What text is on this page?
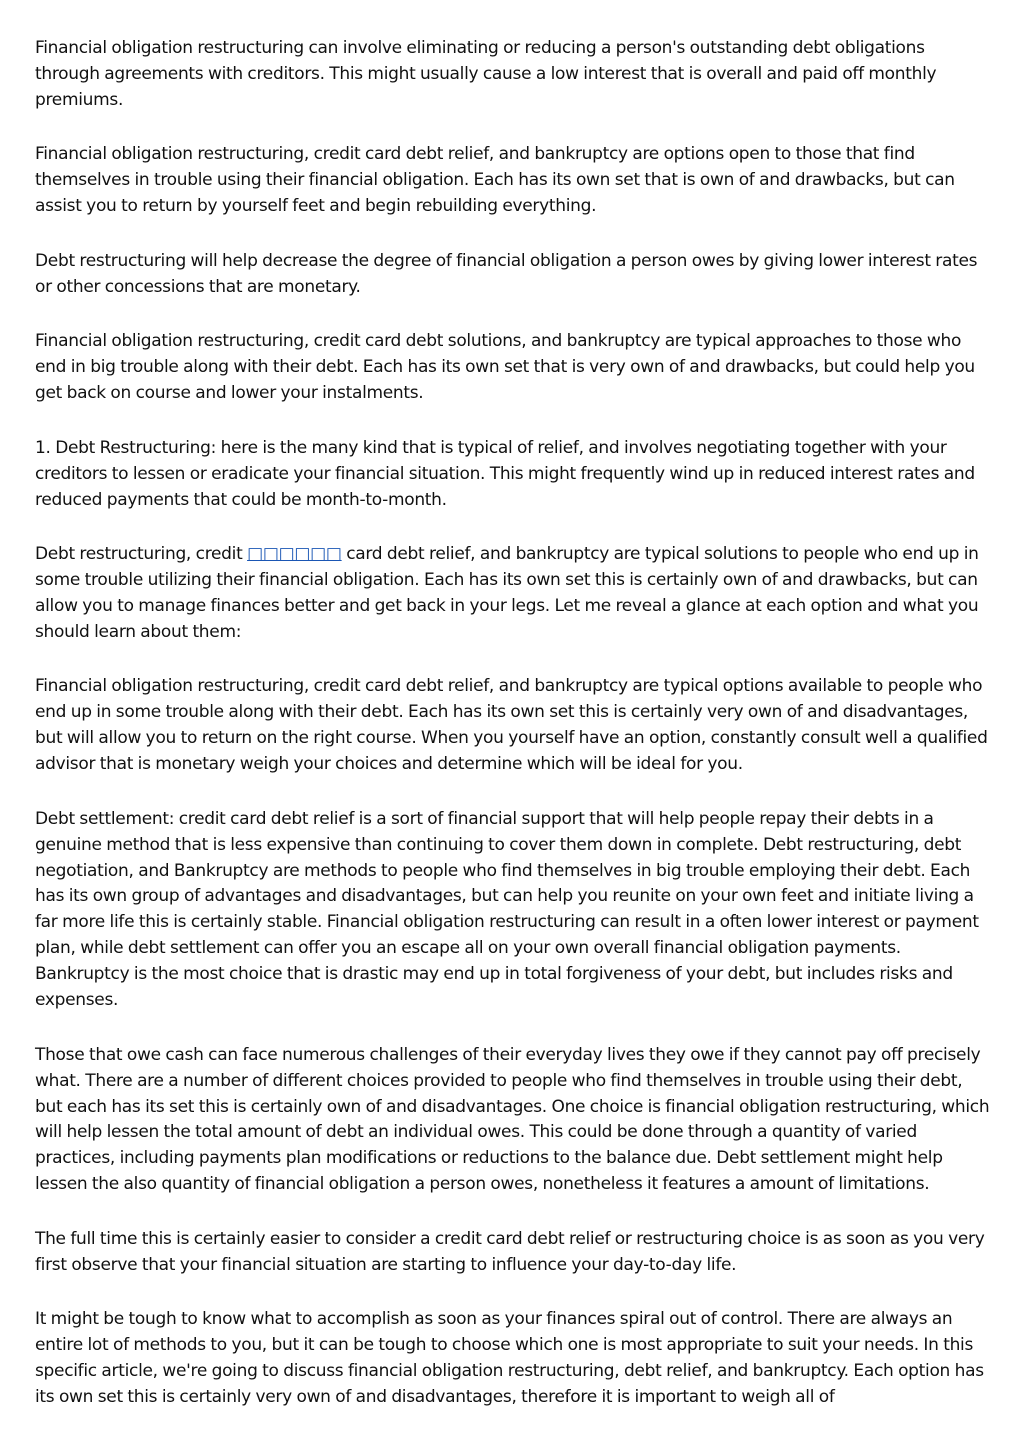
Financial obligation restructuring can involve eliminating or reducing a person's outstanding debt obligations through agreements with creditors. This might usually cause a low interest that is overall and paid off monthly premiums.

Financial obligation restructuring, credit card debt relief, and bankruptcy are options open to those that find themselves in trouble using their financial obligation. Each has its own set that is own of and drawbacks, but can assist you to return by yourself feet and begin rebuilding everything.

Debt restructuring will help decrease the degree of financial obligation a person owes by giving lower interest rates or other concessions that are monetary.

Financial obligation restructuring, credit card debt solutions, and bankruptcy are typical approaches to those who end in big trouble along with their debt. Each has its own set that is very own of and drawbacks, but could help you get back on course and lower your instalments.

1. Debt Restructuring: here is the many kind that is typical of relief, and involves negotiating together with your creditors to lessen or eradicate your financial situation. This might frequently wind up in reduced interest rates and reduced payments that could be month-to-month.

Debt restructuring, credit □□□□□□ card debt relief, and bankruptcy are typical solutions to people who end up in some trouble utilizing their financial obligation. Each has its own set this is certainly own of and drawbacks, but can allow you to manage finances better and get back in your legs. Let me reveal a glance at each option and what you should learn about them:

Financial obligation restructuring, credit card debt relief, and bankruptcy are typical options available to people who end up in some trouble along with their debt. Each has its own set this is certainly very own of and disadvantages, but will allow you to return on the right course. When you yourself have an option, constantly consult well a qualified advisor that is monetary weigh your choices and determine which will be ideal for you.

Debt settlement: credit card debt relief is a sort of financial support that will help people repay their debts in a genuine method that is less expensive than continuing to cover them down in complete. Debt restructuring, debt negotiation, and Bankruptcy are methods to people who find themselves in big trouble employing their debt. Each has its own group of advantages and disadvantages, but can help you reunite on your own feet and initiate living a far more life this is certainly stable. Financial obligation restructuring can result in a often lower interest or payment plan, while debt settlement can offer you an escape all on your own overall financial obligation payments. Bankruptcy is the most choice that is drastic may end up in total forgiveness of your debt, but includes risks and expenses.

Those that owe cash can face numerous challenges of their everyday lives they owe if they cannot pay off precisely what. There are a number of different choices provided to people who find themselves in trouble using their debt, but each has its set this is certainly own of and disadvantages. One choice is financial obligation restructuring, which will help lessen the total amount of debt an individual owes. This could be done through a quantity of varied practices, including payments plan modifications or reductions to the balance due. Debt settlement might help lessen the also quantity of financial obligation a person owes, nonetheless it features a amount of limitations.

The full time this is certainly easier to consider a credit card debt relief or restructuring choice is as soon as you very first observe that your financial situation are starting to influence your day-to-day life.

It might be tough to know what to accomplish as soon as your finances spiral out of control. There are always an entire lot of methods to you, but it can be tough to choose which one is most appropriate to suit your needs. In this specific article, we're going to discuss financial obligation restructuring, debt relief, and bankruptcy. Each option has its own set this is certainly very own of and disadvantages, therefore it is important to weigh all of
